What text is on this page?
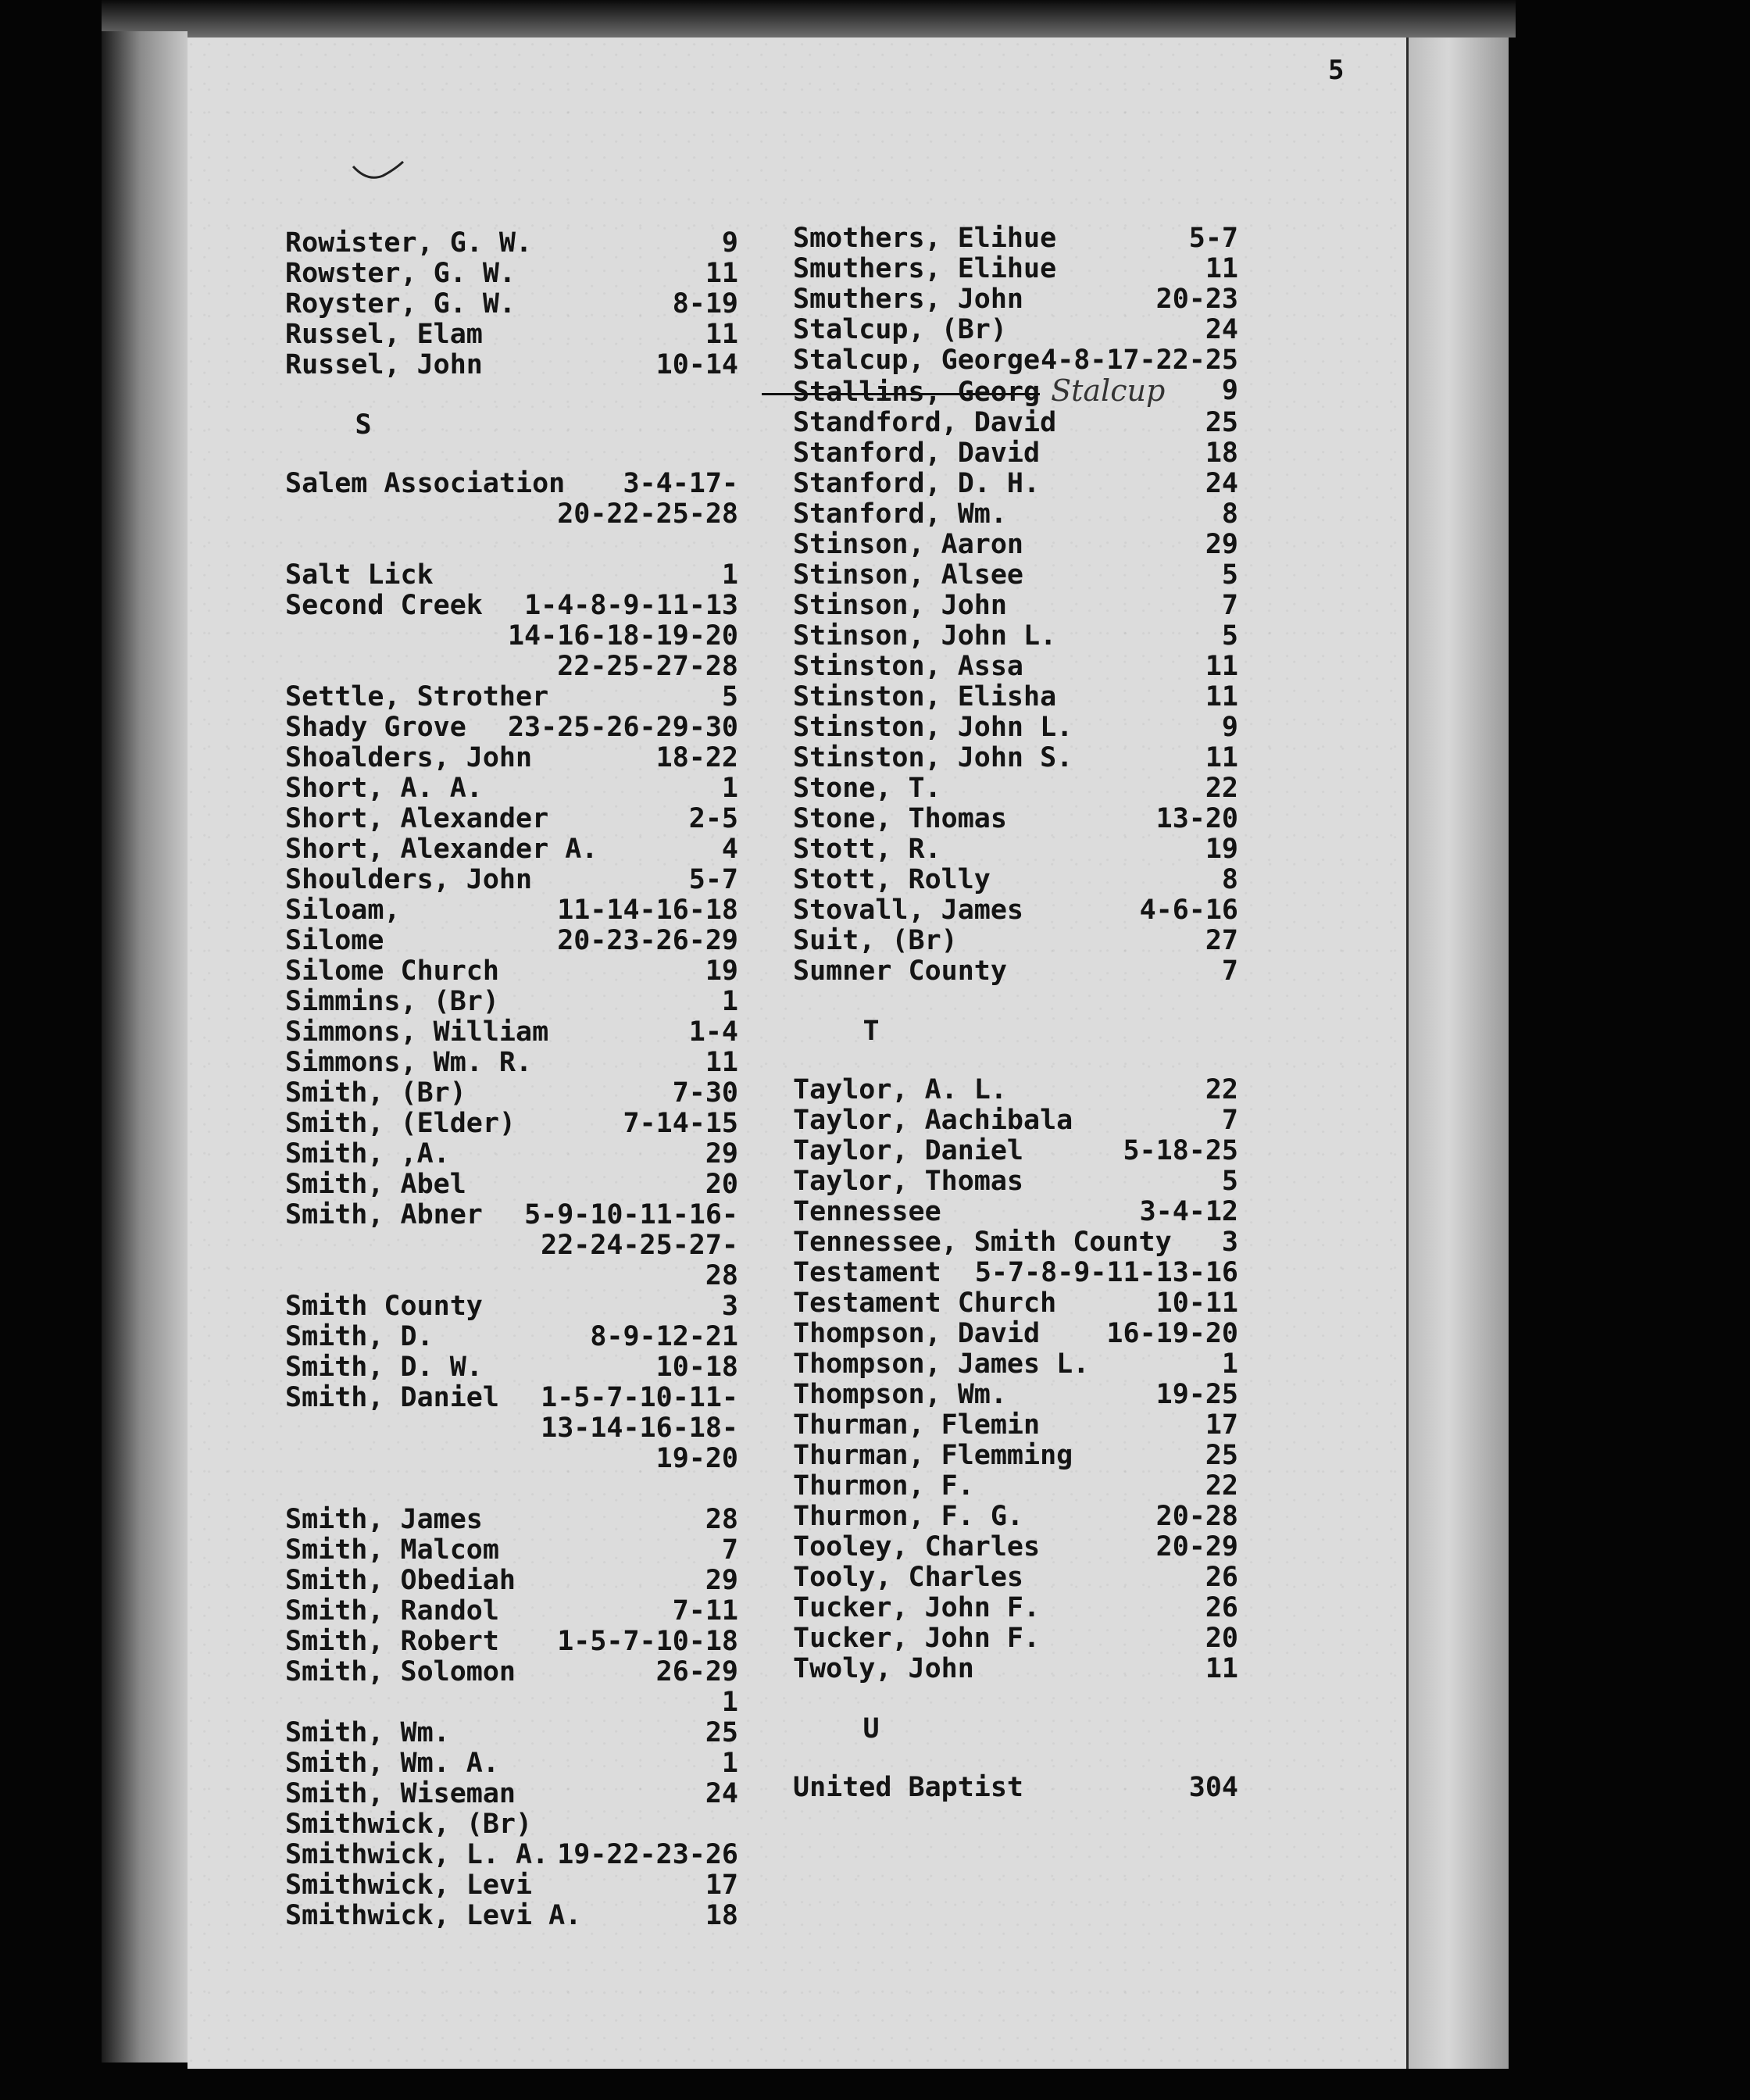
5
Rowister, G. W.	9
Rowster, G. W.	11
Royster, G. W.	8-19
Russel, Elam	11
Russel, John	10-14
S
Salem Association 3-4-17-
20-22-25-28
Salt Lick	1
Second Creek 1-4-8-9-11-13
14-16-18-19-20
22-25-27-28
Settle, Strother	5
Shady Grove 23-25-26-29-30
Shoalders, John	18-22
Short, A. A.	1
Short, Alexander	2-5
Short, Alexander A.	4
Shoulders, John	5-7
Siloam,	11-14-16-18
Silome	20-23-26-29
Silome Church	19
Simmins, (Br)	1
Simmons, William	1-4
Simmons, Wm. R.	11
Smith, (Br)	7-30
Smith, (Elder)	7-14-15
Smith, ,A.	29
Smith, Abel	20
Smith, Abner 5-9-10-11-16-
22-24-25-27-
28
Smith County	3
Smith, D.	8-9-12-21
Smith, D. W.	10-18
Smith, Daniel 1-5-7-10-11-
13-14-16-18-
19-20
Smith, James	28
Smith, Malcom	7
Smith, Obediah	29
Smith, Randol	7-11
Smith, Robert 1-5-7-10-18
Smith, Solomon	26-29
1
Smith, Wm.	25
Smith, Wm. A.	1
Smith, Wiseman	24
Smithwick, (Br)
Smithwick, L. A. 19-22-23-26
Smithwick, Levi	17
Smithwick, Levi A.	18
Smothers, Elihue	5-7
Smuthers, Elihue	11
Smuthers, John	20-23
Stalcup, (Br)	24
Stalcup, George 4-8-17-22-25
Stallins, Georg Stalcup 9
Standford, David	25
Stanford, David	18
Stanford, D. H.	24
Stanford, Wm.	8
Stinson, Aaron	29
Stinson, Alsee	5
Stinson, John	7
Stinson, John L.	5
Stinston, Assa	11
Stinston, Elisha	11
Stinston, John L.	9
Stinston, John S.	11
Stone, T.	22
Stone, Thomas	13-20
Stott, R.	19
Stott, Rolly	8
Stovall, James	4-6-16
Suit, (Br)	27
Sumner County	7
T
Taylor, A. L.	22
Taylor, Aachibala	7
Taylor, Daniel	5-18-25
Taylor, Thomas	5
Tennessee	3-4-12
Tennessee, Smith County 3
Testament 5-7-8-9-11-13-16
Testament Church	10-11
Thompson, David 16-19-20
Thompson, James L.	1
Thompson, Wm.	19-25
Thurman, Flemin	17
Thurman, Flemming	25
Thurmon, F.	22
Thurmon, F. G.	20-28
Tooley, Charles	20-29
Tooly, Charles	26
Tucker, John F.	26
Tucker, John F.	20
Twoly, John	11
U
United Baptist	304
